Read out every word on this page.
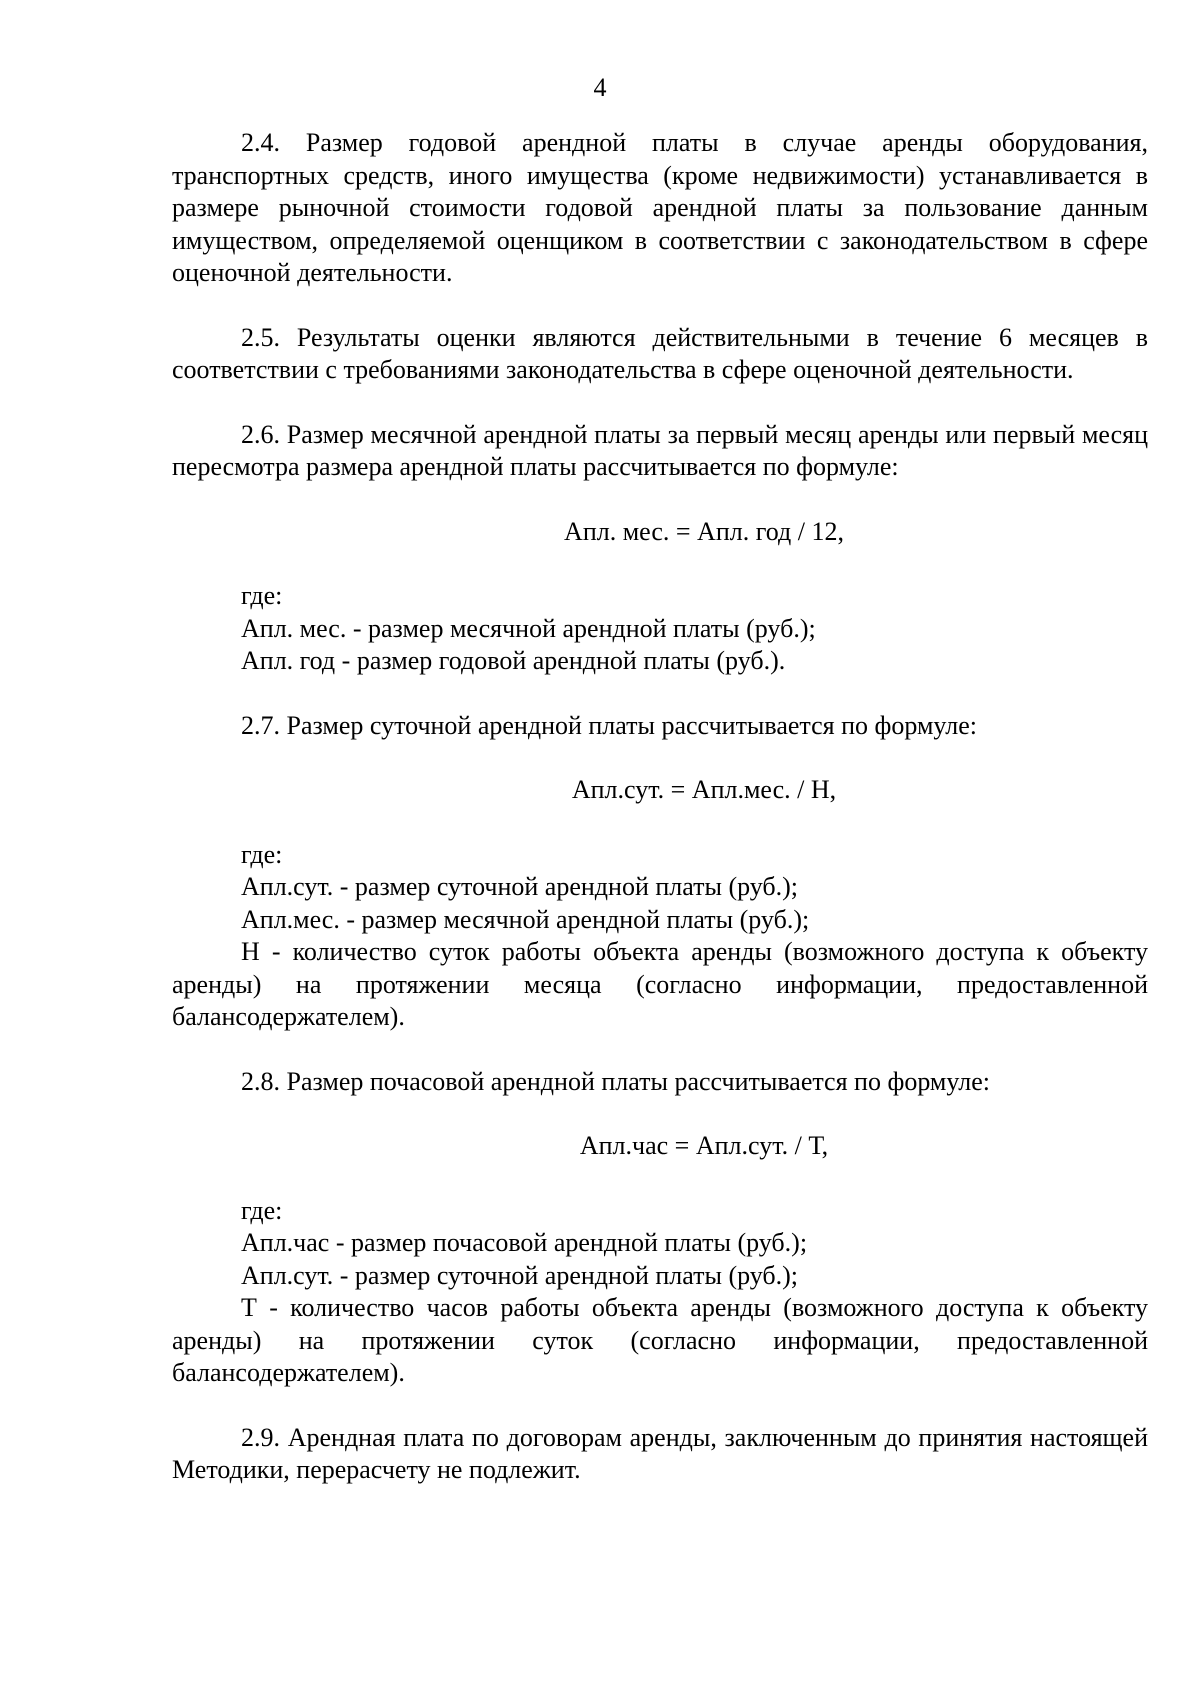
4

2.4. Размер годовой арендной платы в случае аренды оборудования, транспортных средств, иного имущества (кроме недвижимости) устанавливается в размере рыночной стоимости годовой арендной платы за пользование данным имуществом, определяемой оценщиком в соответствии с законодательством в сфере оценочной деятельности.

2.5. Результаты оценки являются действительными в течение 6 месяцев в соответствии с требованиями законодательства в сфере оценочной деятельности.

2.6. Размер месячной арендной платы за первый месяц аренды или первый месяц пересмотра размера арендной платы рассчитывается по формуле:

Апл. мес. = Апл. год / 12,

где:

Апл. мес. - размер месячной арендной платы (руб.);

Апл. год - размер годовой арендной платы (руб.).

2.7. Размер суточной арендной платы рассчитывается по формуле:

Апл.сут. = Апл.мес. / Н,

где:

Апл.сут. - размер суточной арендной платы (руб.);

Апл.мес. - размер месячной арендной платы (руб.);

Н - количество суток работы объекта аренды (возможного доступа к объекту аренды) на протяжении месяца (согласно информации, предоставленной балансодержателем).

2.8. Размер почасовой арендной платы рассчитывается по формуле:

Апл.час = Апл.сут. / Т,

где:

Апл.час - размер почасовой арендной платы (руб.);

Апл.сут. - размер суточной арендной платы (руб.);

Т - количество часов работы объекта аренды (возможного доступа к объекту аренды) на протяжении суток (согласно информации, предоставленной балансодержателем).

2.9. Арендная плата по договорам аренды, заключенным до принятия настоящей Методики, перерасчету не подлежит.
